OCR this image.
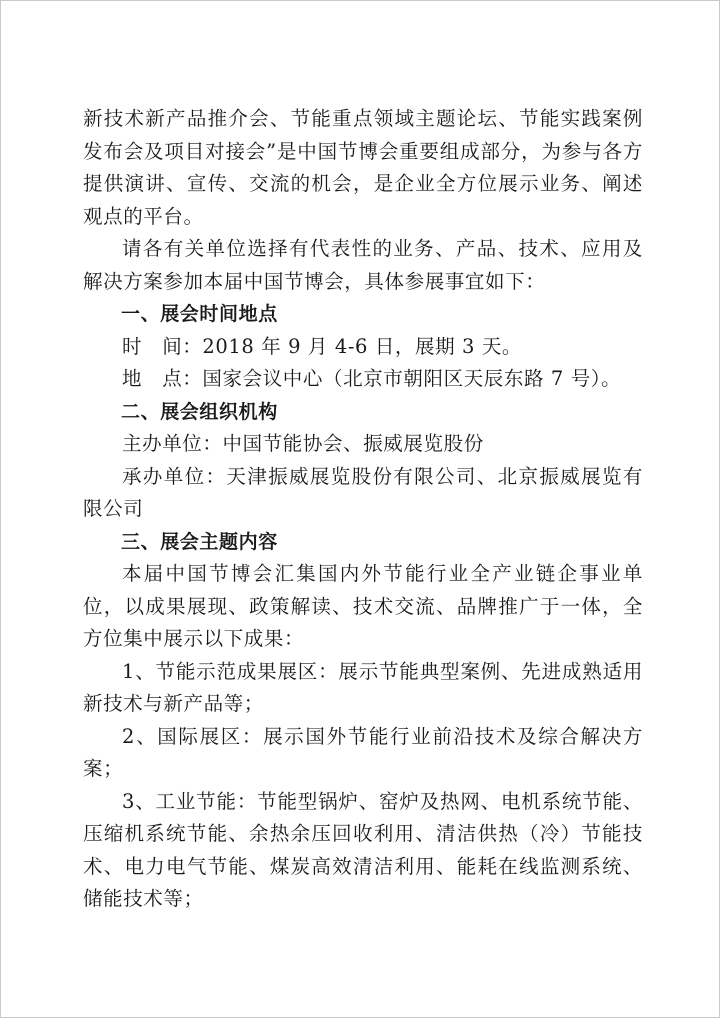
新技术新产品推介会、节能重点领域主题论坛、节能实践案例发布会及项目对接会”是中国节博会重要组成部分，为参与各方提供演讲、宣传、交流的机会，是企业全方位展示业务、阐述观点的平台。

请各有关单位选择有代表性的业务、产品、技术、应用及解决方案参加本届中国节博会，具体参展事宜如下：

一、展会时间地点

时　间：2018 年 9 月 4-6 日，展期 3 天。

地　点：国家会议中心（北京市朝阳区天辰东路 7 号）。

二、展会组织机构

主办单位：中国节能协会、振威展览股份

承办单位：天津振威展览股份有限公司、北京振威展览有限公司

三、展会主题内容

本届中国节博会汇集国内外节能行业全产业链企事业单位，以成果展现、政策解读、技术交流、品牌推广于一体，全方位集中展示以下成果：

1、节能示范成果展区：展示节能典型案例、先进成熟适用新技术与新产品等；

2、国际展区：展示国外节能行业前沿技术及综合解决方案；

3、工业节能：节能型锅炉、窑炉及热网、电机系统节能、压缩机系统节能、余热余压回收利用、清洁供热（冷）节能技术、电力电气节能、煤炭高效清洁利用、能耗在线监测系统、储能技术等；
